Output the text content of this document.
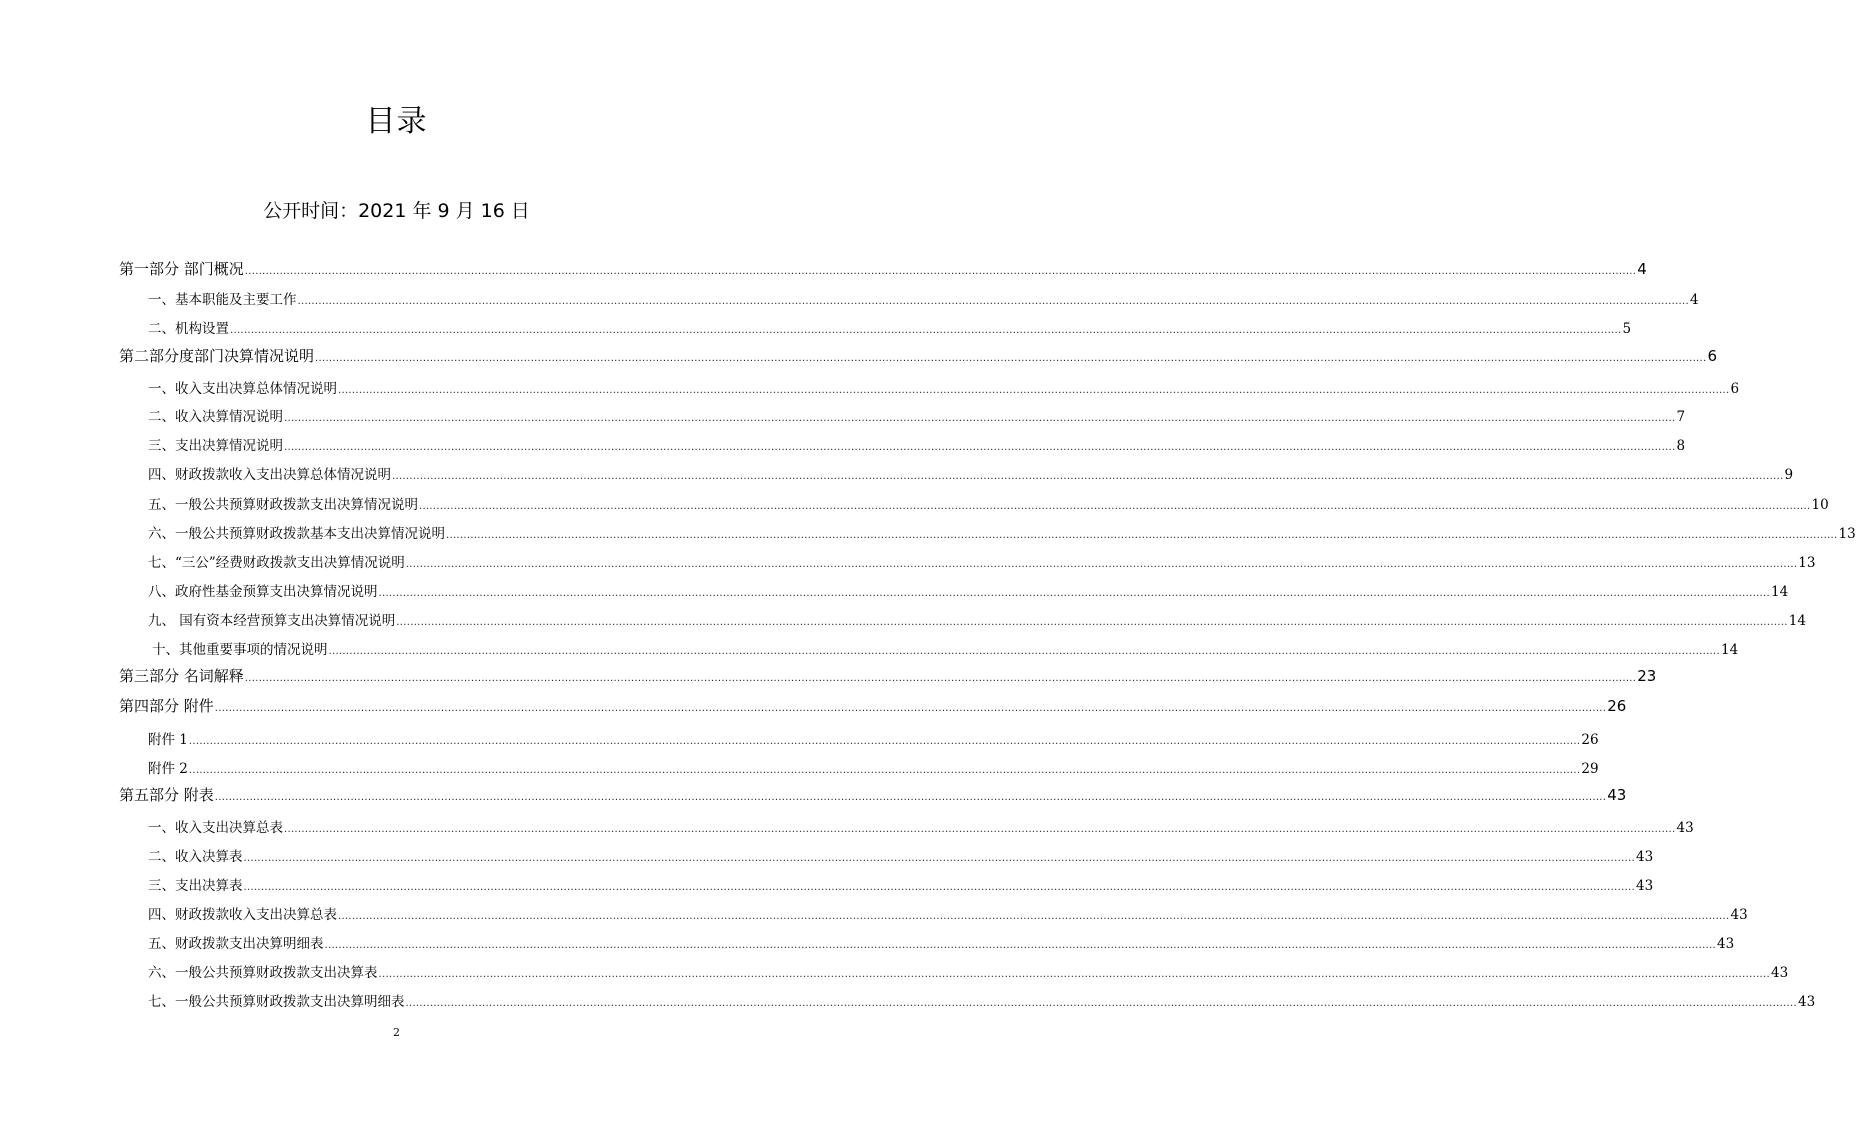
目录
公开时间：2021 年 9 月 16 日
第一部分 部门概况 ................................................................................................................................................................................................................................................................................................................................................................................................................ 4
一、基本职能及主要工作 ................................................................................................................................................................................................................................................................................................................................................................................................................ 4
二、机构设置 ................................................................................................................................................................................................................................................................................................................................................................................................................ 5
第二部分度部门决算情况说明 ................................................................................................................................................................................................................................................................................................................................................................................................................ 6
一、收入支出决算总体情况说明 ................................................................................................................................................................................................................................................................................................................................................................................................................ 6
二、收入决算情况说明 ................................................................................................................................................................................................................................................................................................................................................................................................................ 7
三、支出决算情况说明 ................................................................................................................................................................................................................................................................................................................................................................................................................ 8
四、财政拨款收入支出决算总体情况说明 ................................................................................................................................................................................................................................................................................................................................................................................................................ 9
五、一般公共预算财政拨款支出决算情况说明 ................................................................................................................................................................................................................................................................................................................................................................................................................ 10
六、一般公共预算财政拨款基本支出决算情况说明 ................................................................................................................................................................................................................................................................................................................................................................................................................ 13
七、“三公”经费财政拨款支出决算情况说明 ................................................................................................................................................................................................................................................................................................................................................................................................................ 13
八、政府性基金预算支出决算情况说明 ................................................................................................................................................................................................................................................................................................................................................................................................................ 14
九、 国有资本经营预算支出决算情况说明 ................................................................................................................................................................................................................................................................................................................................................................................................................ 14
十、其他重要事项的情况说明 ................................................................................................................................................................................................................................................................................................................................................................................................................ 14
第三部分 名词解释 ................................................................................................................................................................................................................................................................................................................................................................................................................ 23
第四部分 附件 ................................................................................................................................................................................................................................................................................................................................................................................................................ 26
附件 1 ................................................................................................................................................................................................................................................................................................................................................................................................................ 26
附件 2 ................................................................................................................................................................................................................................................................................................................................................................................................................ 29
第五部分 附表 ................................................................................................................................................................................................................................................................................................................................................................................................................ 43
一、收入支出决算总表 ................................................................................................................................................................................................................................................................................................................................................................................................................ 43
二、收入决算表 ................................................................................................................................................................................................................................................................................................................................................................................................................ 43
三、支出决算表 ................................................................................................................................................................................................................................................................................................................................................................................................................ 43
四、财政拨款收入支出决算总表 ................................................................................................................................................................................................................................................................................................................................................................................................................ 43
五、财政拨款支出决算明细表 ................................................................................................................................................................................................................................................................................................................................................................................................................ 43
六、一般公共预算财政拨款支出决算表 ................................................................................................................................................................................................................................................................................................................................................................................................................ 43
七、一般公共预算财政拨款支出决算明细表 ................................................................................................................................................................................................................................................................................................................................................................................................................ 43
2
